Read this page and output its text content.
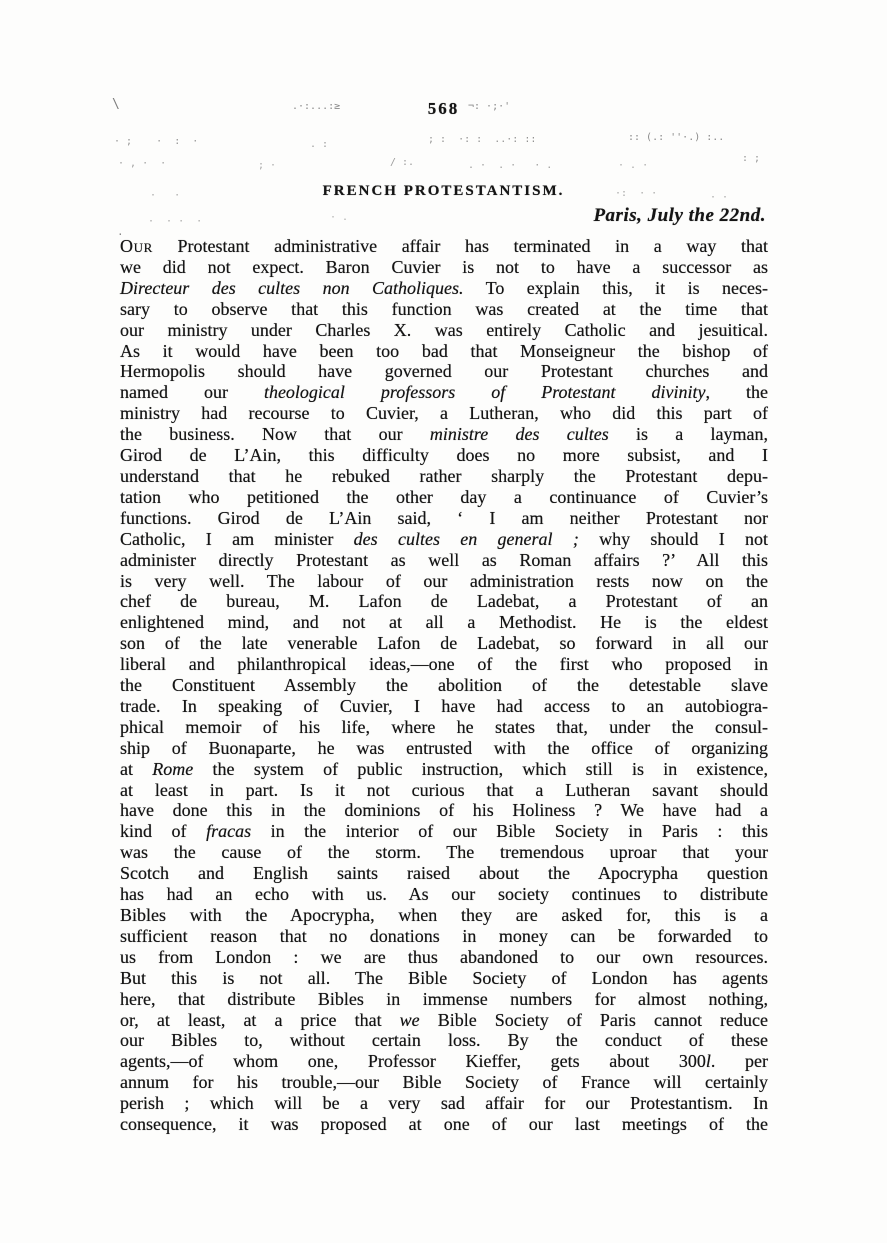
568
FRENCH PROTESTANTISM.
Paris, July the 22nd.
Our Protestant administrative affair has terminated in a way that
we did not expect. Baron Cuvier is not to have a successor as
Directeur des cultes non Catholiques. To explain this, it is neces-
sary to observe that this function was created at the time that
our ministry under Charles X. was entirely Catholic and jesuitical.
As it would have been too bad that Monseigneur the bishop of
Hermopolis should have governed our Protestant churches and
named our theological professors of Protestant divinity, the
ministry had recourse to Cuvier, a Lutheran, who did this part of
the business. Now that our ministre des cultes is a layman,
Girod de L’Ain, this difficulty does no more subsist, and I
understand that he rebuked rather sharply the Protestant depu-
tation who petitioned the other day a continuance of Cuvier’s
functions. Girod de L’Ain said, ‘ I am neither Protestant nor
Catholic, I am minister des cultes en general ; why should I not
administer directly Protestant as well as Roman affairs ?’ All this
is very well. The labour of our administration rests now on the
chef de bureau, M. Lafon de Ladebat, a Protestant of an
enlightened mind, and not at all a Methodist. He is the eldest
son of the late venerable Lafon de Ladebat, so forward in all our
liberal and philanthropical ideas,—one of the first who proposed in
the Constituent Assembly the abolition of the detestable slave
trade. In speaking of Cuvier, I have had access to an autobiogra-
phical memoir of his life, where he states that, under the consul-
ship of Buonaparte, he was entrusted with the office of organizing
at Rome the system of public instruction, which still is in existence,
at least in part. Is it not curious that a Lutheran savant should
have done this in the dominions of his Holiness ? We have had a
kind of fracas in the interior of our Bible Society in Paris : this
was the cause of the storm. The tremendous uproar that your
Scotch and English saints raised about the Apocrypha question
has had an echo with us. As our society continues to distribute
Bibles with the Apocrypha, when they are asked for, this is a
sufficient reason that no donations in money can be forwarded to
us from London : we are thus abandoned to our own resources.
But this is not all. The Bible Society of London has agents
here, that distribute Bibles in immense numbers for almost nothing,
or, at least, at a price that we Bible Society of Paris cannot reduce
our Bibles to, without certain loss. By the conduct of these
agents,—of whom one, Professor Kieffer, gets about 300l. per
annum for his trouble,—our Bible Society of France will certainly
perish ; which will be a very sad affair for our Protestantism. In
consequence, it was proposed at one of our last meetings of the
\	.·:...:≥	¬: ·;·'
· ;    ·  :  ·	. :	; :  ·: :  ..·: ::	:: (.: ''·.) :..
· , ·  ·	; ·	/ :.	. ·  . ·   · .	· . ·
: ;
·   ·	·:  · ·	· ·
·  · ·  ·	· .
·
